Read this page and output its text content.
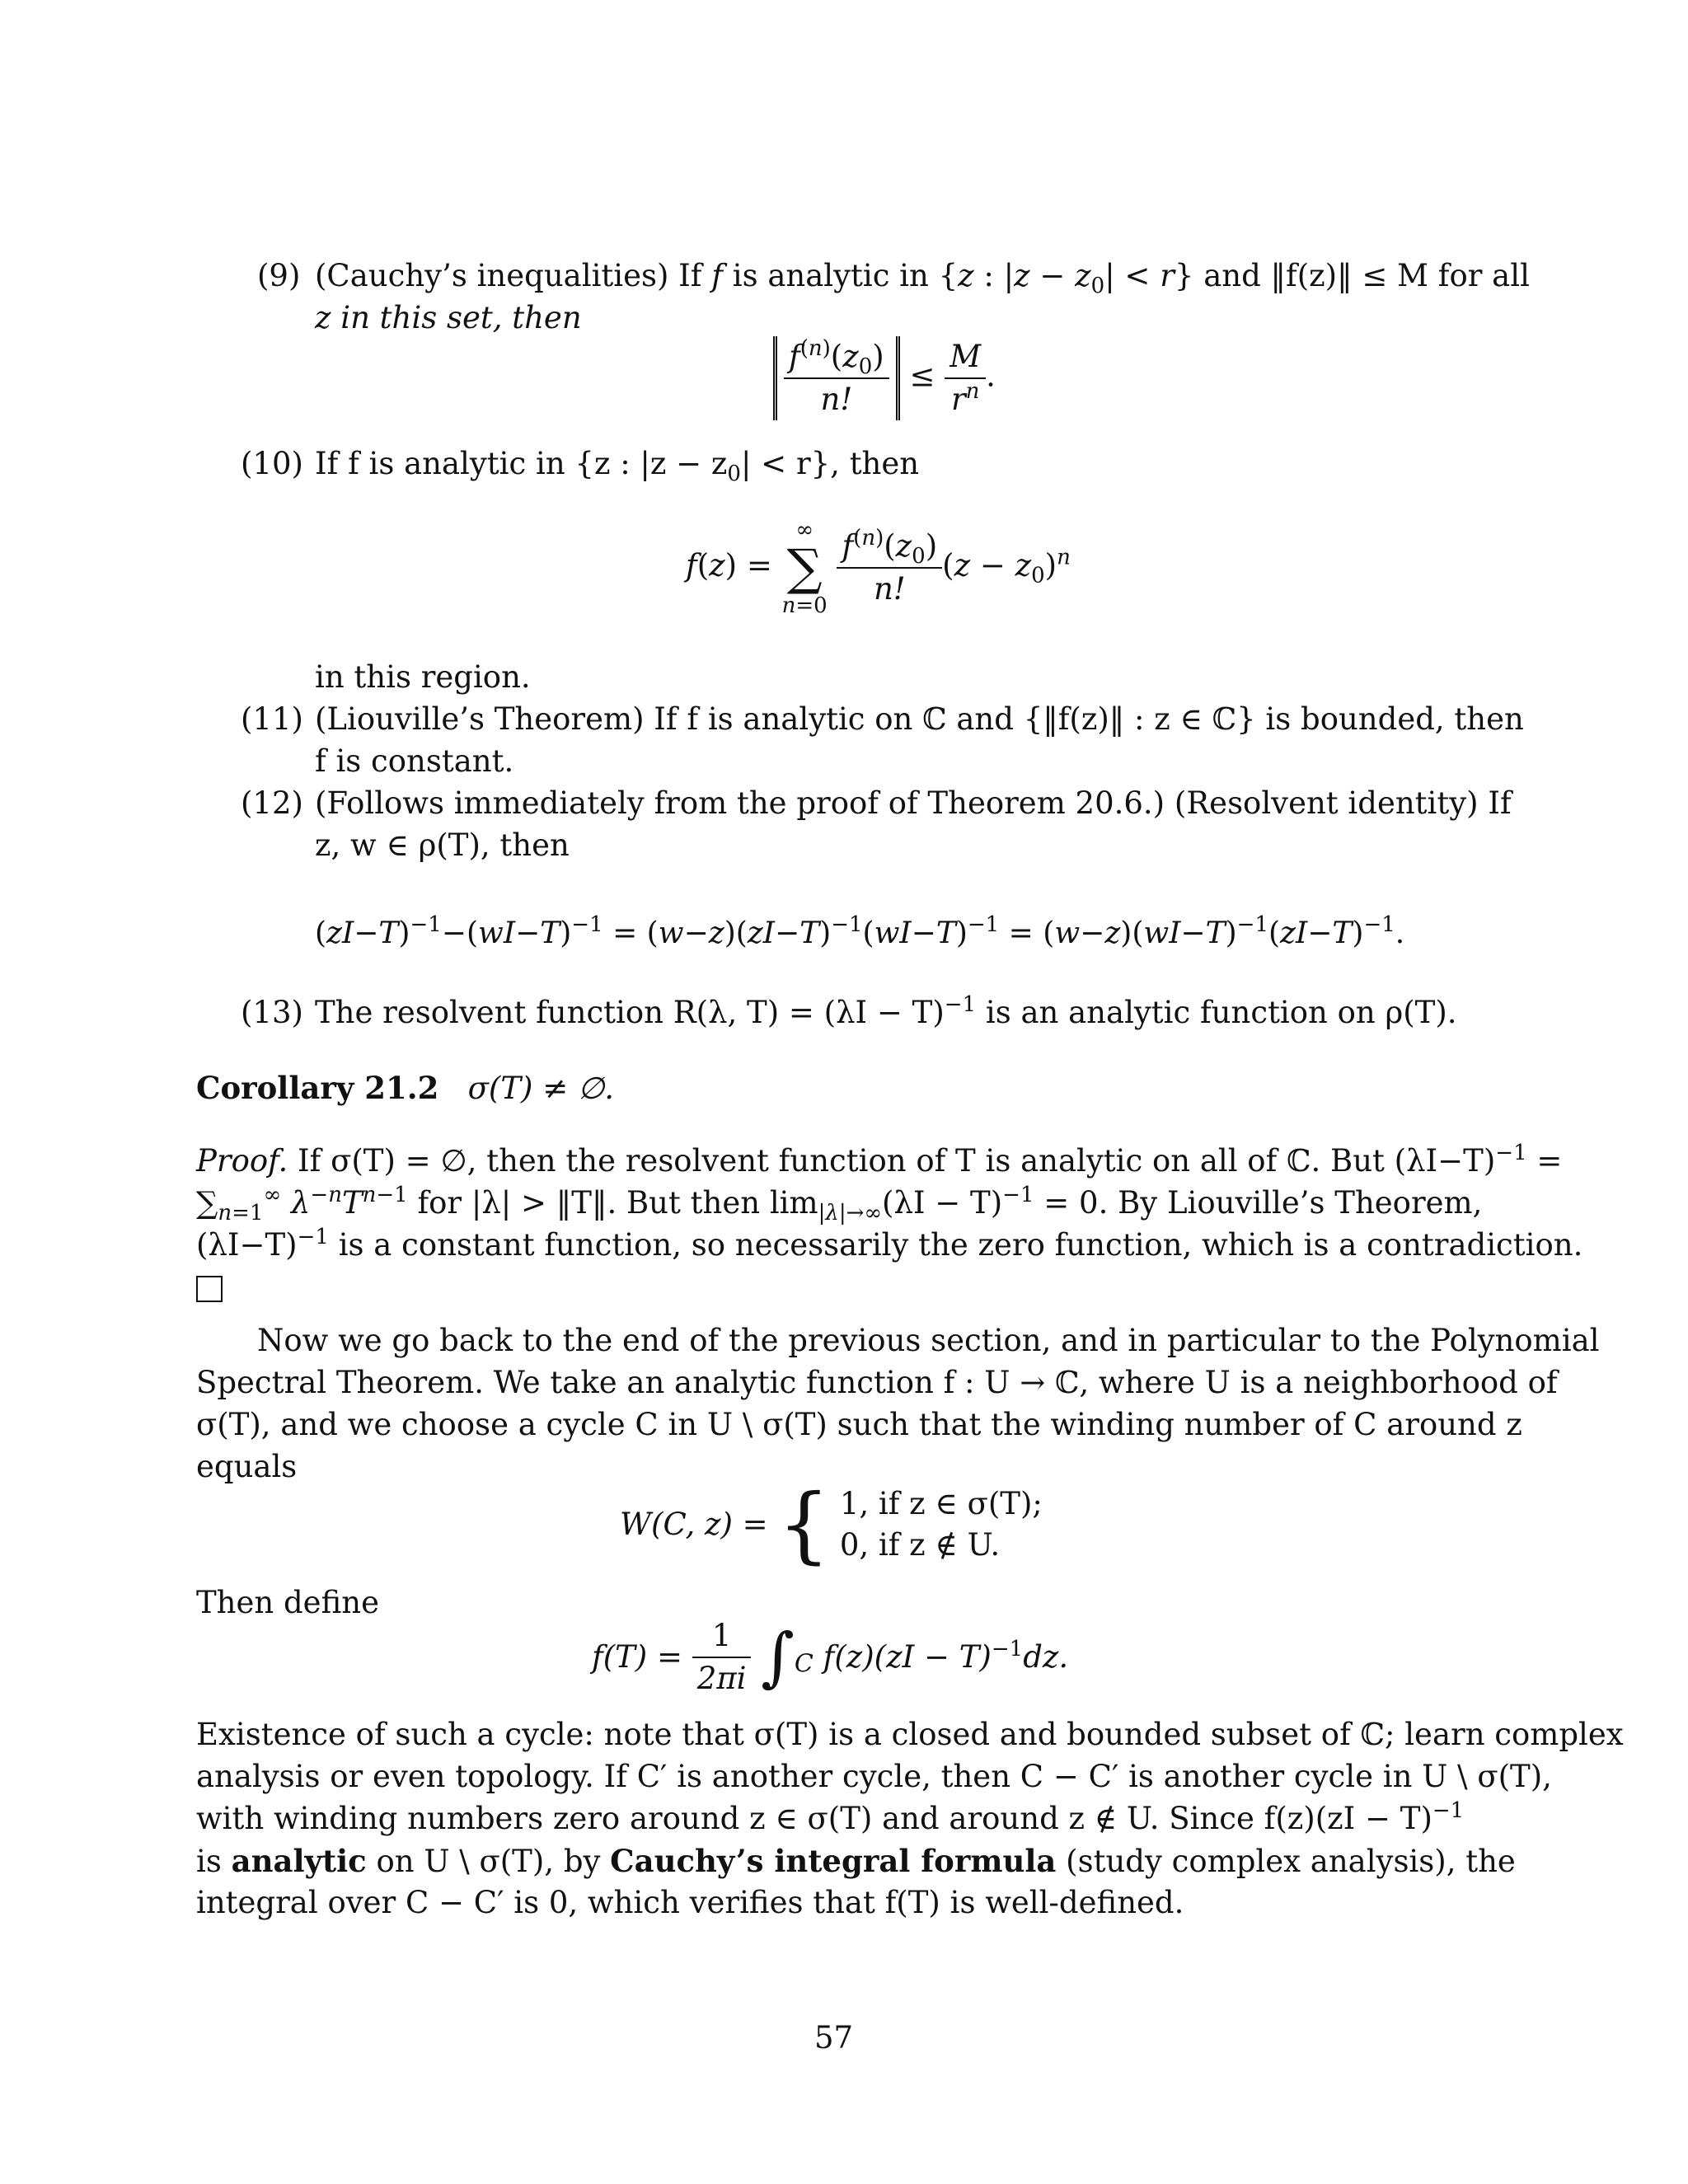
(9) (Cauchy’s inequalities) If f is analytic in {z : $|z - z_0| < r$} and ‖f(z)‖ ≤ M for all
z in this set, then
$\frac{f^{(n)}(z_0)}{n!} \le \frac{M}{r^n}$ .
(10) If f is analytic in {z : $|z - z_0| < r$}, then
f(z) =
∞
∑
n=0
$\frac{f^{(n)}(z_0)}{n!} (z - z_0)^n$
in this region.
(11) (Liouville’s Theorem) If f is analytic on ℂ and {‖f(z)‖ : z ∈ ℂ} is bounded, then
f is constant.
(12) (Follows immediately from the proof of Theorem 20.6.) (Resolvent identity) If
z, w ∈ ρ(T), then
$(zI-T)^{-1}-(wI-T)^{-1} = (w-z)(zI-T)^{-1}(wI-T)^{-1} = (w-z)(wI-T)^{-1}(zI-T)^{-1}$.
(13) The resolvent function R(λ, $T) = (\lambda I - T)^{-1}$ is an analytic function on ρ(T).
Corollary 21.2 σ(T) ≠ ∅.
Proof. If σ(T) = ∅, then the resolvent function of T is analytic on all of ℂ. But $(\lambda I-T)^{-1}$ =
$\sum_{n=1}^\infty$ $\lambda^{-n}T^{n-1}$ for |λ| > ‖T‖. But then $\lim_{|\lambda|\to\infty}(\lambda I - T)^{-1} = 0$. By Liouville’s Theorem,
$(\lambda I-T)^{-1}$ is a constant function, so necessarily the zero function, which is a contradiction.
Now we go back to the end of the previous section, and in particular to the Polynomial
Spectral Theorem. We take an analytic function f : U → ℂ, where U is a neighborhood of
σ(T), and we choose a cycle C in U \ σ(T) such that the winding number of C around z
equals
W(C, z) = { 1, if z ∈ σ(T);
0, if z ∉ U.
Then define
$f(T) = \frac{1}{2\pi i} \int_C$ f(z)(zI − T)$^{-1}$dz.
Existence of such a cycle: note that σ(T) is a closed and bounded subset of ℂ; learn complex
analysis or even topology. If C′ is another cycle, then C − C′ is another cycle in U \ σ(T),
with winding numbers zero around z ∈ σ(T) and around z ∉ U. Since f(z)(zI − T)$^{-1}$
is analytic on U \ σ(T), by Cauchy’s integral formula (study complex analysis), the
integral over C − C′ is 0, which verifies that f(T) is well-defined.
57
